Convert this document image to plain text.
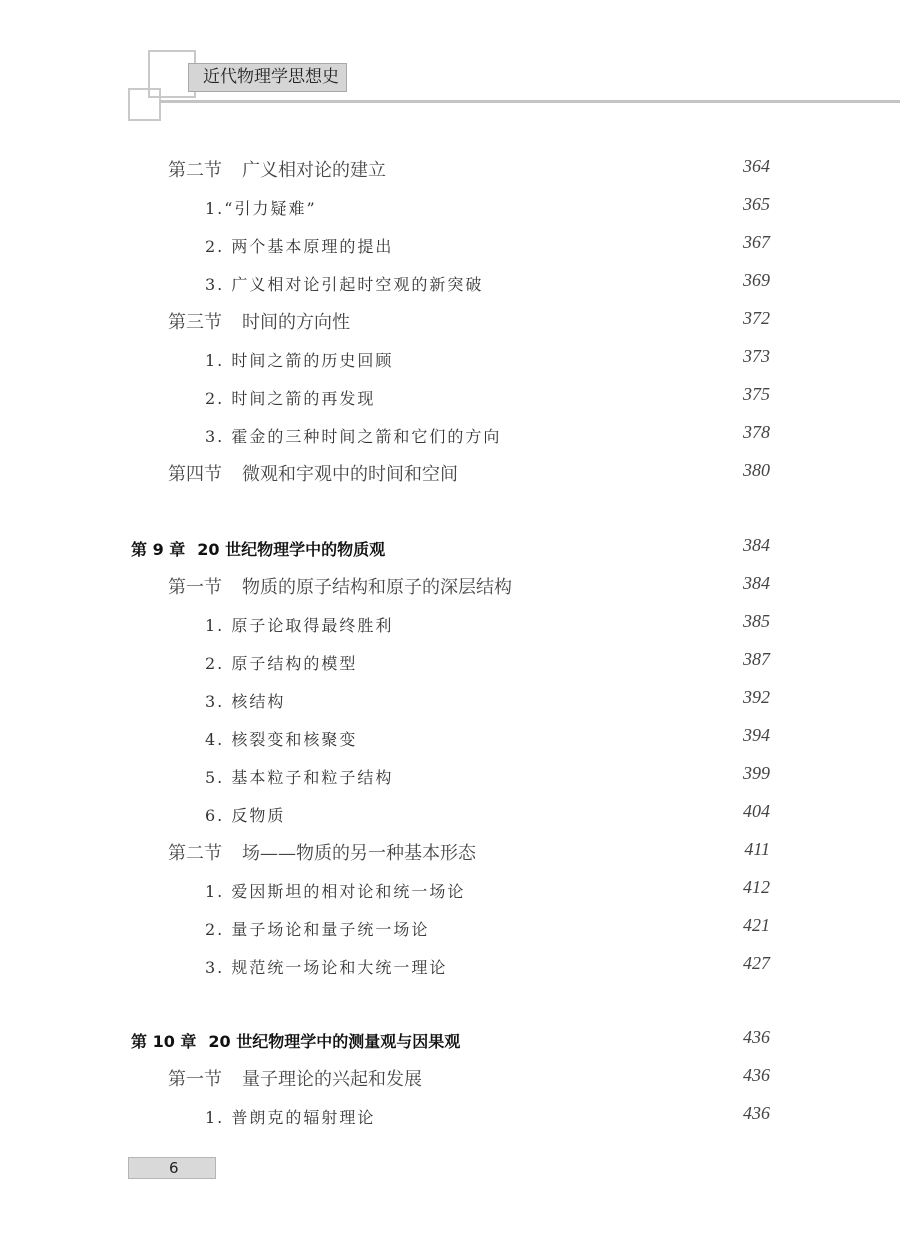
近代物理学思想史
第二节 广义相对论的建立	364
1.“引力疑难”	365
2. 两个基本原理的提出	367
3. 广义相对论引起时空观的新突破	369
第三节 时间的方向性	372
1. 时间之箭的历史回顾	373
2. 时间之箭的再发现	375
3. 霍金的三种时间之箭和它们的方向	378
第四节 微观和宇观中的时间和空间	380
第 9 章 20 世纪物理学中的物质观	384
第一节 物质的原子结构和原子的深层结构	384
1. 原子论取得最终胜利	385
2. 原子结构的模型	387
3. 核结构	392
4. 核裂变和核聚变	394
5. 基本粒子和粒子结构	399
6. 反物质	404
第二节 场——物质的另一种基本形态	411
1. 爱因斯坦的相对论和统一场论	412
2. 量子场论和量子统一场论	421
3. 规范统一场论和大统一理论	427
第 10 章 20 世纪物理学中的测量观与因果观	436
第一节 量子理论的兴起和发展	436
1. 普朗克的辐射理论	436
6
